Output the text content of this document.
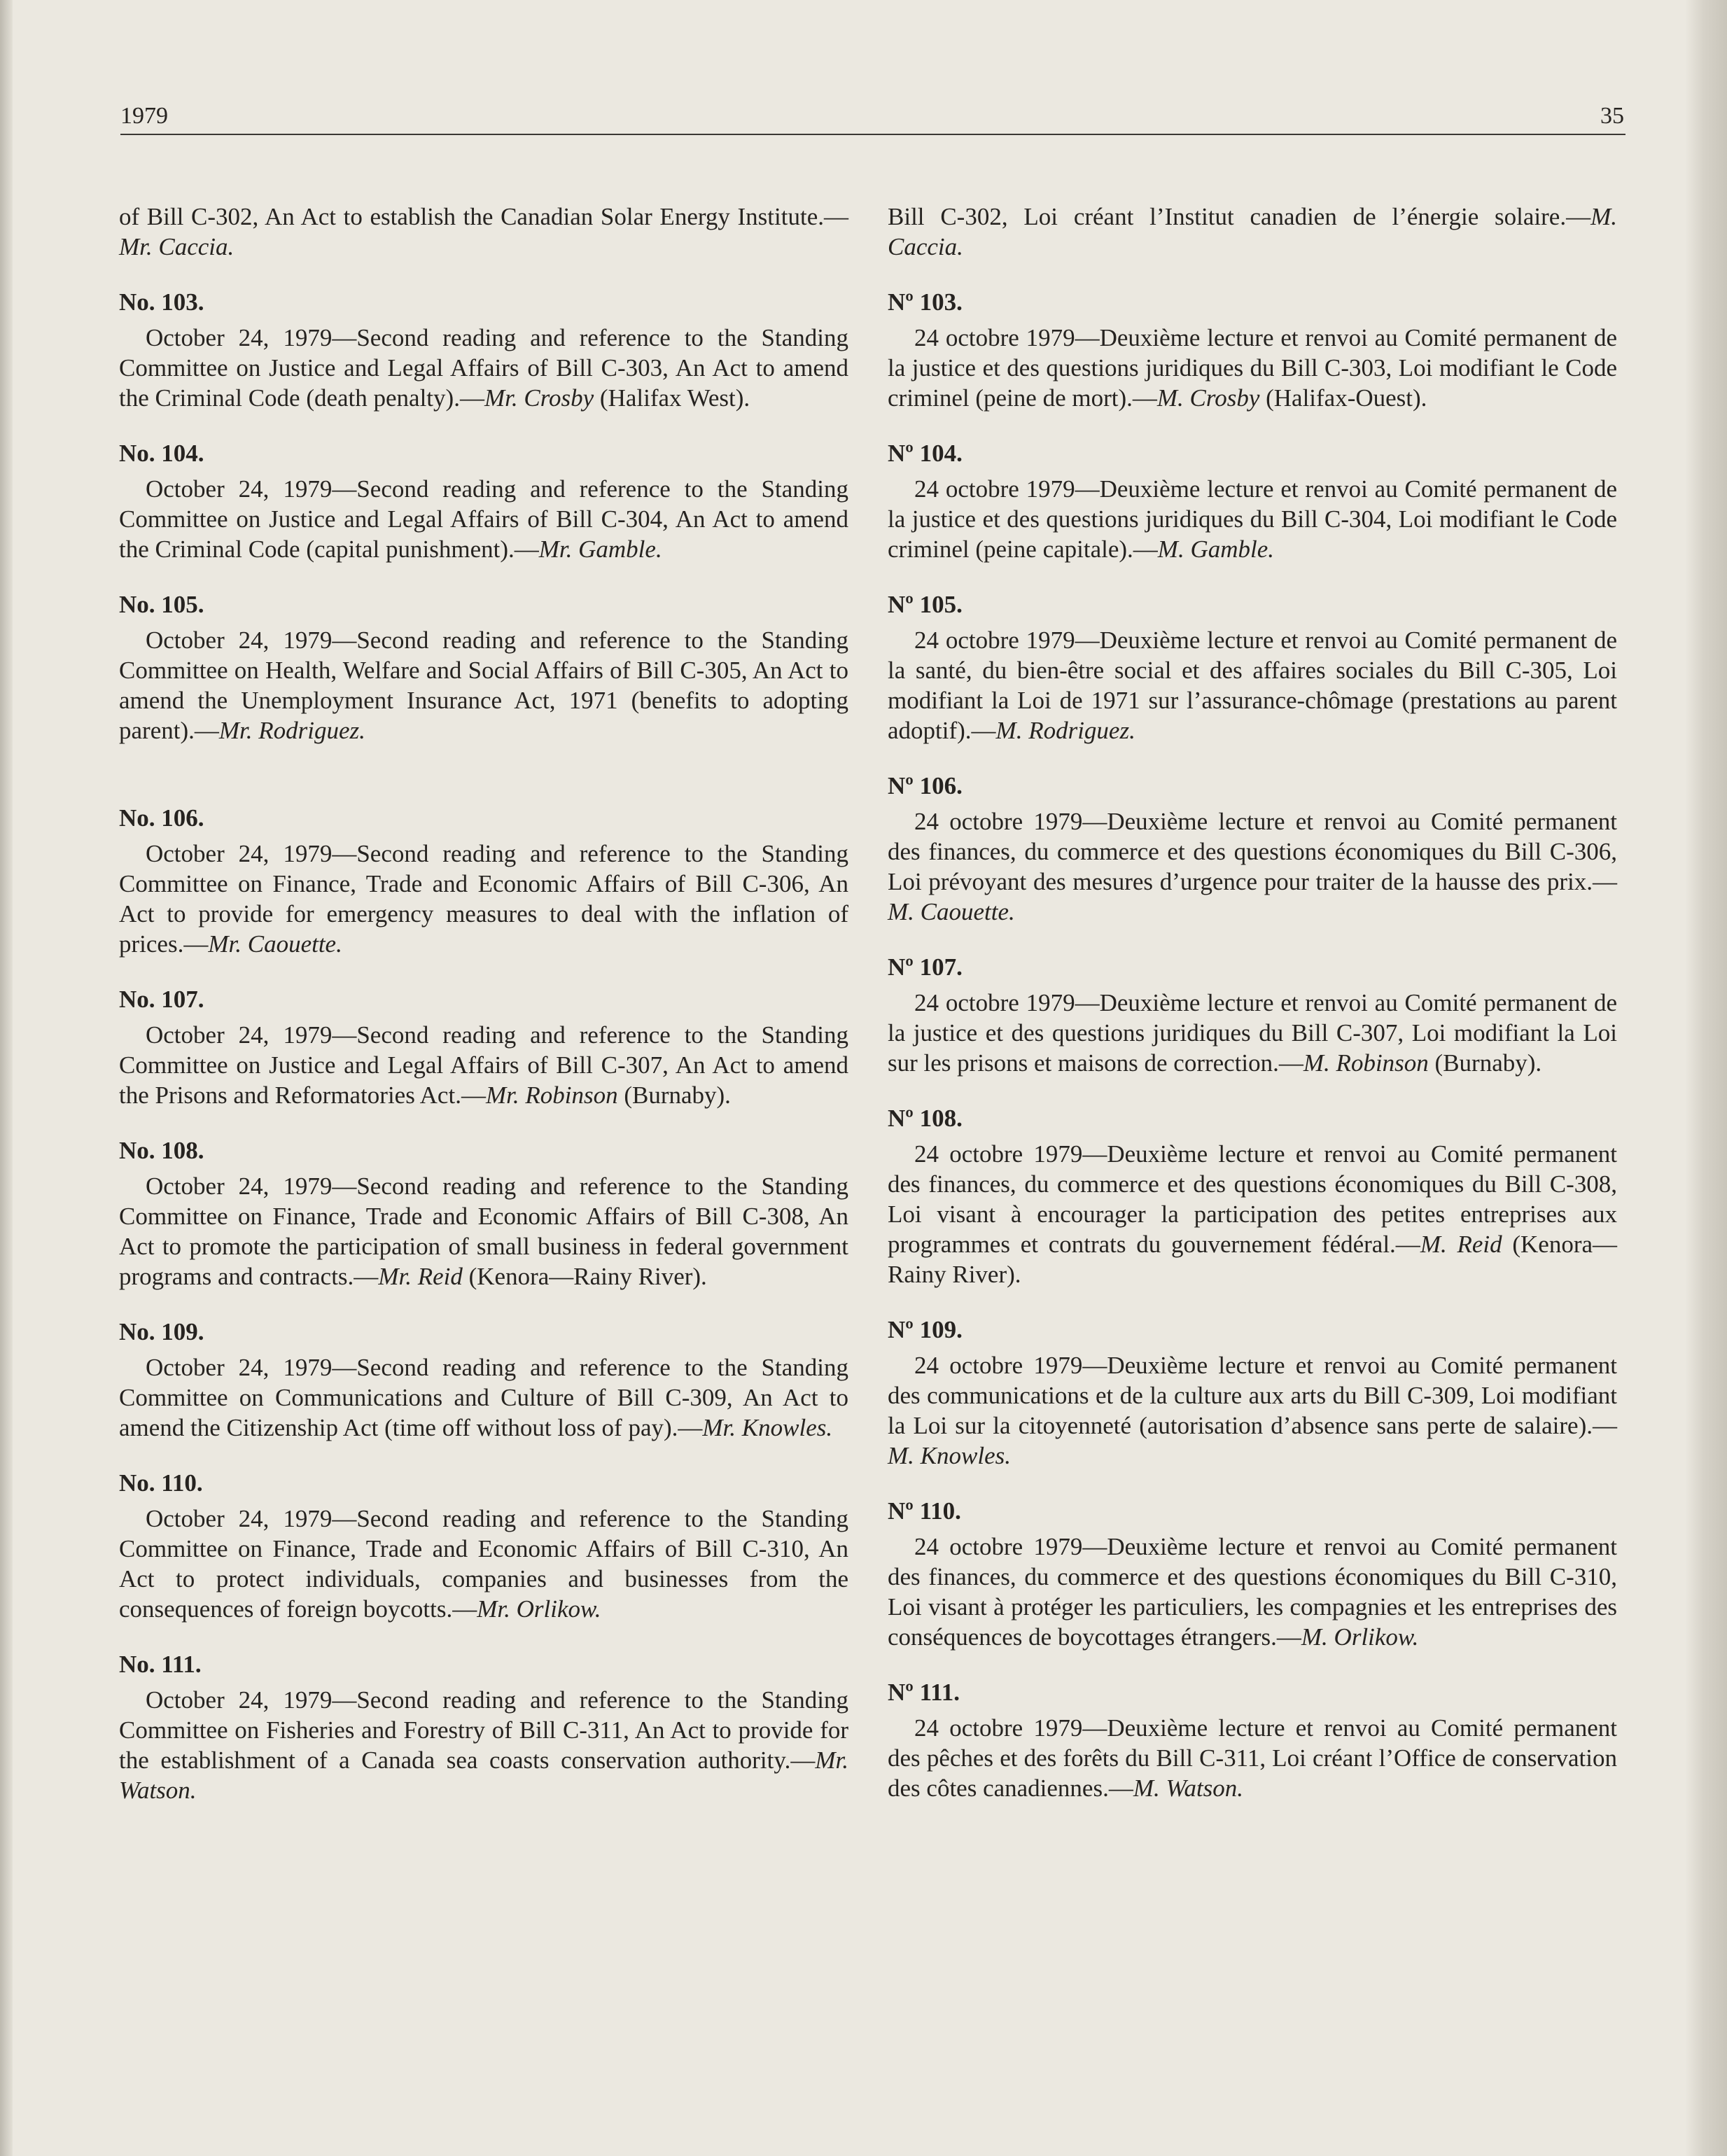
1979	35

of Bill C-302, An Act to establish the Canadian Solar Energy Institute.—Mr. Caccia.

No. 103.

October 24, 1979—Second reading and reference to the Standing Committee on Justice and Legal Affairs of Bill C-303, An Act to amend the Criminal Code (death penalty).—Mr. Crosby (Halifax West).

No. 104.

October 24, 1979—Second reading and reference to the Standing Committee on Justice and Legal Affairs of Bill C-304, An Act to amend the Criminal Code (capital punishment).—Mr. Gamble.

No. 105.

October 24, 1979—Second reading and reference to the Standing Committee on Health, Welfare and Social Affairs of Bill C-305, An Act to amend the Unemployment Insurance Act, 1971 (benefits to adopting parent).—Mr. Rodriguez.

No. 106.

October 24, 1979—Second reading and reference to the Standing Committee on Finance, Trade and Economic Affairs of Bill C-306, An Act to provide for emergency measures to deal with the inflation of prices.—Mr. Caouette.

No. 107.

October 24, 1979—Second reading and reference to the Standing Committee on Justice and Legal Affairs of Bill C-307, An Act to amend the Prisons and Reformatories Act.—Mr. Robinson (Burnaby).

No. 108.

October 24, 1979—Second reading and reference to the Standing Committee on Finance, Trade and Economic Affairs of Bill C-308, An Act to promote the participation of small business in federal government programs and contracts.—Mr. Reid (Kenora—Rainy River).

No. 109.

October 24, 1979—Second reading and reference to the Standing Committee on Communications and Culture of Bill C-309, An Act to amend the Citizenship Act (time off without loss of pay).—Mr. Knowles.

No. 110.

October 24, 1979—Second reading and reference to the Standing Committee on Finance, Trade and Economic Affairs of Bill C-310, An Act to protect individuals, companies and businesses from the consequences of foreign boycotts.—Mr. Orlikow.

No. 111.

October 24, 1979—Second reading and reference to the Standing Committee on Fisheries and Forestry of Bill C-311, An Act to provide for the establishment of a Canada sea coasts conservation authority.—Mr. Watson.

Bill C-302, Loi créant l’Institut canadien de l’énergie solaire.—M. Caccia.

Nº 103.

24 octobre 1979—Deuxième lecture et renvoi au Comité permanent de la justice et des questions juridiques du Bill C-303, Loi modifiant le Code criminel (peine de mort).—M. Crosby (Halifax-Ouest).

Nº 104.

24 octobre 1979—Deuxième lecture et renvoi au Comité permanent de la justice et des questions juridiques du Bill C-304, Loi modifiant le Code criminel (peine capitale).—M. Gamble.

Nº 105.

24 octobre 1979—Deuxième lecture et renvoi au Comité permanent de la santé, du bien-être social et des affaires sociales du Bill C-305, Loi modifiant la Loi de 1971 sur l’assurance-chômage (prestations au parent adoptif).—M. Rodriguez.

Nº 106.

24 octobre 1979—Deuxième lecture et renvoi au Comité permanent des finances, du commerce et des questions économiques du Bill C-306, Loi prévoyant des mesures d’urgence pour traiter de la hausse des prix.—M. Caouette.

Nº 107.

24 octobre 1979—Deuxième lecture et renvoi au Comité permanent de la justice et des questions juridiques du Bill C-307, Loi modifiant la Loi sur les prisons et maisons de correction.—M. Robinson (Burnaby).

Nº 108.

24 octobre 1979—Deuxième lecture et renvoi au Comité permanent des finances, du commerce et des questions économiques du Bill C-308, Loi visant à encourager la participation des petites entreprises aux programmes et contrats du gouvernement fédéral.—M. Reid (Kenora—Rainy River).

Nº 109.

24 octobre 1979—Deuxième lecture et renvoi au Comité permanent des communications et de la culture aux arts du Bill C-309, Loi modifiant la Loi sur la citoyenneté (autorisation d’absence sans perte de salaire).—M. Knowles.

Nº 110.

24 octobre 1979—Deuxième lecture et renvoi au Comité permanent des finances, du commerce et des questions économiques du Bill C-310, Loi visant à protéger les particuliers, les compagnies et les entreprises des conséquences de boycottages étrangers.—M. Orlikow.

Nº 111.

24 octobre 1979—Deuxième lecture et renvoi au Comité permanent des pêches et des forêts du Bill C-311, Loi créant l’Office de conservation des côtes canadiennes.—M. Watson.
